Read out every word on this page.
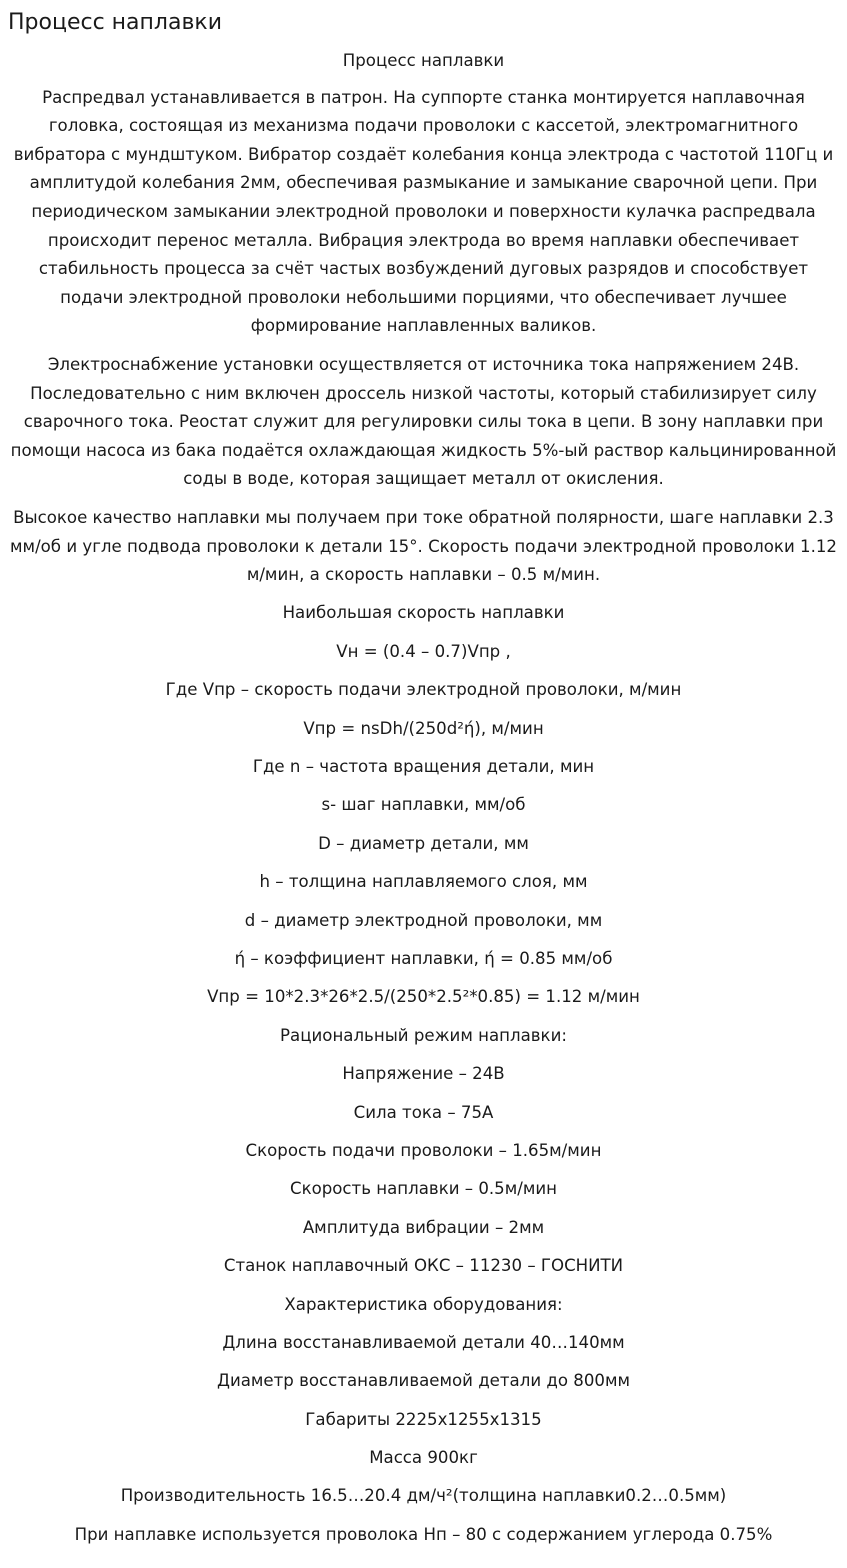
Процесс наплавки

Процесс наплавки

Распредвал устанавливается в патрон. На суппорте станка монтируется наплавочная головка, состоящая из механизма подачи проволоки с кассетой, электромагнитного вибратора с мундштуком. Вибратор создаёт колебания конца электрода с частотой 110Гц и амплитудой колебания 2мм, обеспечивая размыкание и замыкание сварочной цепи. При периодическом замыкании электродной проволоки и поверхности кулачка распредвала происходит перенос металла. Вибрация электрода во время наплавки обеспечивает стабильность процесса за счёт частых возбуждений дуговых разрядов и способствует подачи электродной проволоки небольшими порциями, что обеспечивает лучшее формирование наплавленных валиков.

Электроснабжение установки осуществляется от источника тока напряжением 24В. Последовательно с ним включен дроссель низкой частоты, который стабилизирует силу сварочного тока. Реостат служит для регулировки силы тока в цепи. В зону наплавки при помощи насоса из бака подаётся охлаждающая жидкость 5%-ый раствор кальцинированной соды в воде, которая защищает металл от окисления.

Высокое качество наплавки мы получаем при токе обратной полярности, шаге наплавки 2.3 мм/об и угле подвода проволоки к детали 15°. Скорость подачи электродной проволоки 1.12 м/мин, а скорость наплавки – 0.5 м/мин.

Наибольшая скорость наплавки

Vн = (0.4 – 0.7)Vпр ,

Где Vпр – скорость подачи электродной проволоки, м/мин

Vпр = nsDh/(250d²ή), м/мин

Где n – частота вращения детали, мин

s- шаг наплавки, мм/об

D – диаметр детали, мм

h – толщина наплавляемого слоя, мм

d – диаметр электродной проволоки, мм

ή – коэффициент наплавки, ή = 0.85 мм/об

Vпр = 10*2.3*26*2.5/(250*2.5²*0.85) = 1.12 м/мин

Рациональный режим наплавки:

Напряжение – 24В

Сила тока – 75А

Скорость подачи проволоки – 1.65м/мин

Скорость наплавки – 0.5м/мин

Амплитуда вибрации – 2мм

Станок наплавочный ОКС – 11230 – ГОСНИТИ

Характеристика оборудования:

Длина восстанавливаемой детали 40…140мм

Диаметр восстанавливаемой детали до 800мм

Габариты 2225х1255х1315

Масса 900кг

Производительность 16.5…20.4 дм/ч²(толщина наплавки0.2…0.5мм)

При наплавке используется проволока Нп – 80 с содержанием углерода 0.75%
